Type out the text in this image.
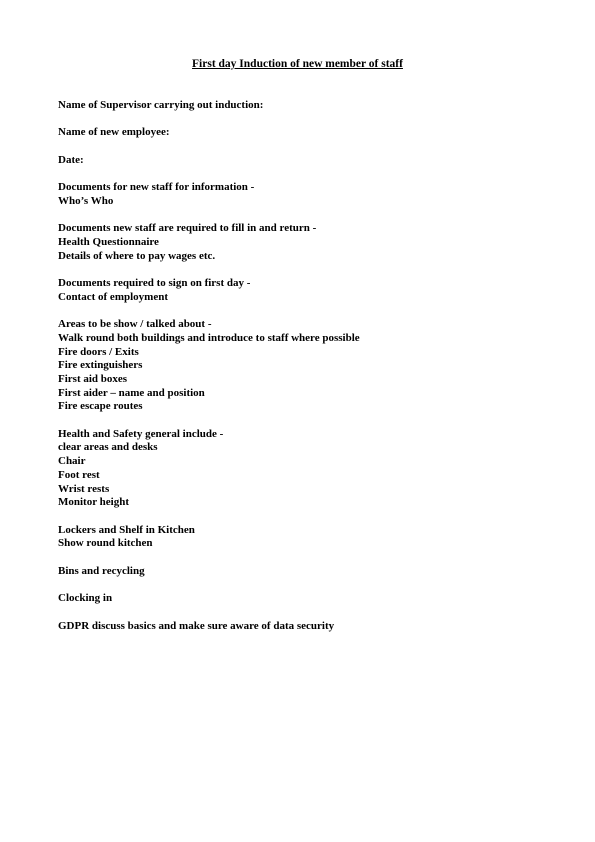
First day Induction of new member of staff

Name of Supervisor carrying out induction:
Name of new employee:
Date:
Documents for new staff for information -
Who’s Who
Documents new staff are required to fill in and return -
Health Questionnaire
Details of where to pay wages etc.
Documents required to sign on first day -
Contact of employment
Areas to be show / talked about -
Walk round both buildings and introduce to staff where possible
Fire doors / Exits
Fire extinguishers
First aid boxes
First aider – name and position
Fire escape routes
Health and Safety general include -
clear areas and desks
Chair
Foot rest
Wrist rests
Monitor height
Lockers and Shelf in Kitchen
Show round kitchen
Bins and recycling
Clocking in
GDPR discuss basics and make sure aware of data security
